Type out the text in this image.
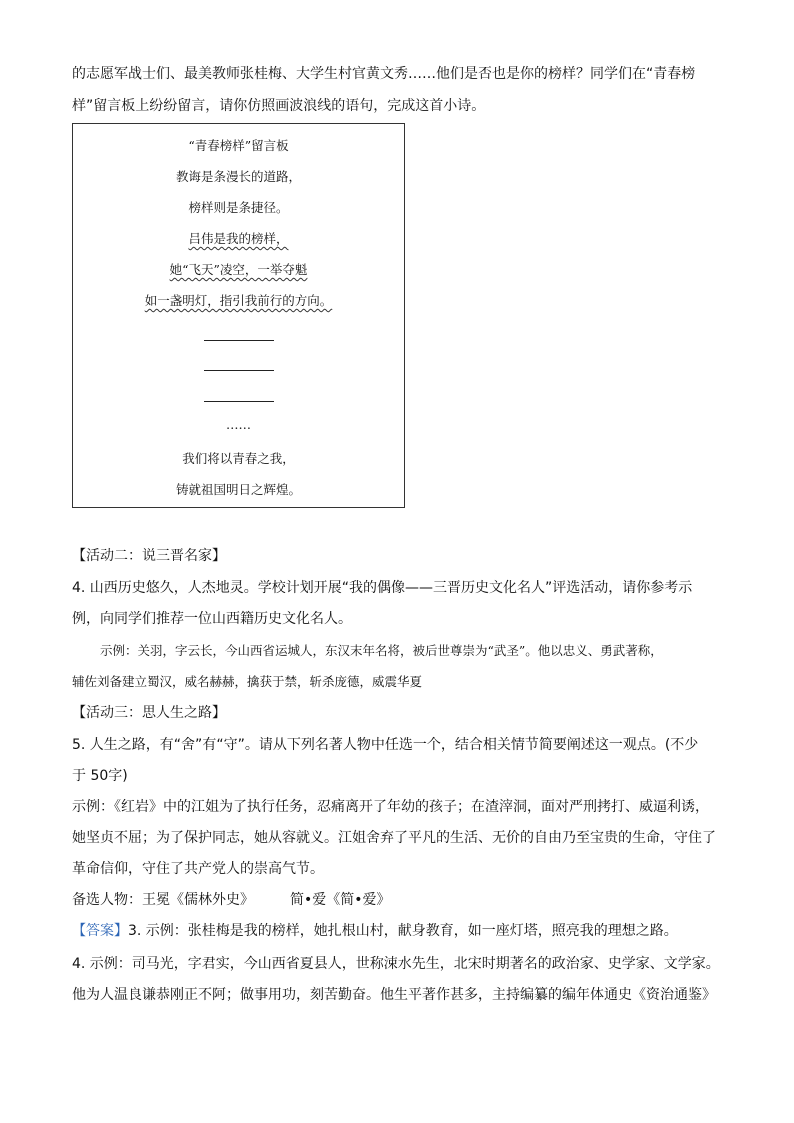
的志愿军战士们、最美教师张桂梅、大学生村官黄文秀……他们是否也是你的榜样？同学们在“青春榜
样”留言板上纷纷留言，请你仿照画波浪线的语句，完成这首小诗。
“青春榜样”留言板
教诲是条漫长的道路，
榜样则是条捷径。
吕伟是我的榜样，
她“飞天”凌空，一举夺魁
如一盏明灯，指引我前行的方向。
……
我们将以青春之我，
铸就祖国明日之辉煌。
【活动二：说三晋名家】
4. 山西历史悠久，人杰地灵。学校计划开展“我的偶像——三晋历史文化名人”评选活动，请你参考示
例，向同学们推荐一位山西籍历史文化名人。
示例：关羽，字云长，今山西省运城人，东汉末年名将，被后世尊崇为“武圣”。他以忠义、勇武著称，
辅佐刘备建立蜀汉，威名赫赫，擒获于禁，斩杀庞德，威震华夏
【活动三：思人生之路】
5. 人生之路，有“舍”有“守”。请从下列名著人物中任选一个，结合相关情节简要阐述这一观点。(不少
于 50字)
示例：《红岩》中的江姐为了执行任务，忍痛离开了年幼的孩子；在渣滓洞，面对严刑拷打、威逼利诱，
她坚贞不屈；为了保护同志，她从容就义。江姐舍弃了平凡的生活、无价的自由乃至宝贵的生命，守住了
革命信仰，守住了共产党人的崇高气节。
备选人物：王冕《儒林外史》	简•爱《简•爱》
【答案】3. 示例：张桂梅是我的榜样，她扎根山村，献身教育，如一座灯塔，照亮我的理想之路。
4. 示例：司马光，字君实，今山西省夏县人，世称涑水先生，北宋时期著名的政治家、史学家、文学家。
他为人温良谦恭刚正不阿；做事用功，刻苦勤奋。他生平著作甚多，主持编纂的编年体通史《资治通鉴》
